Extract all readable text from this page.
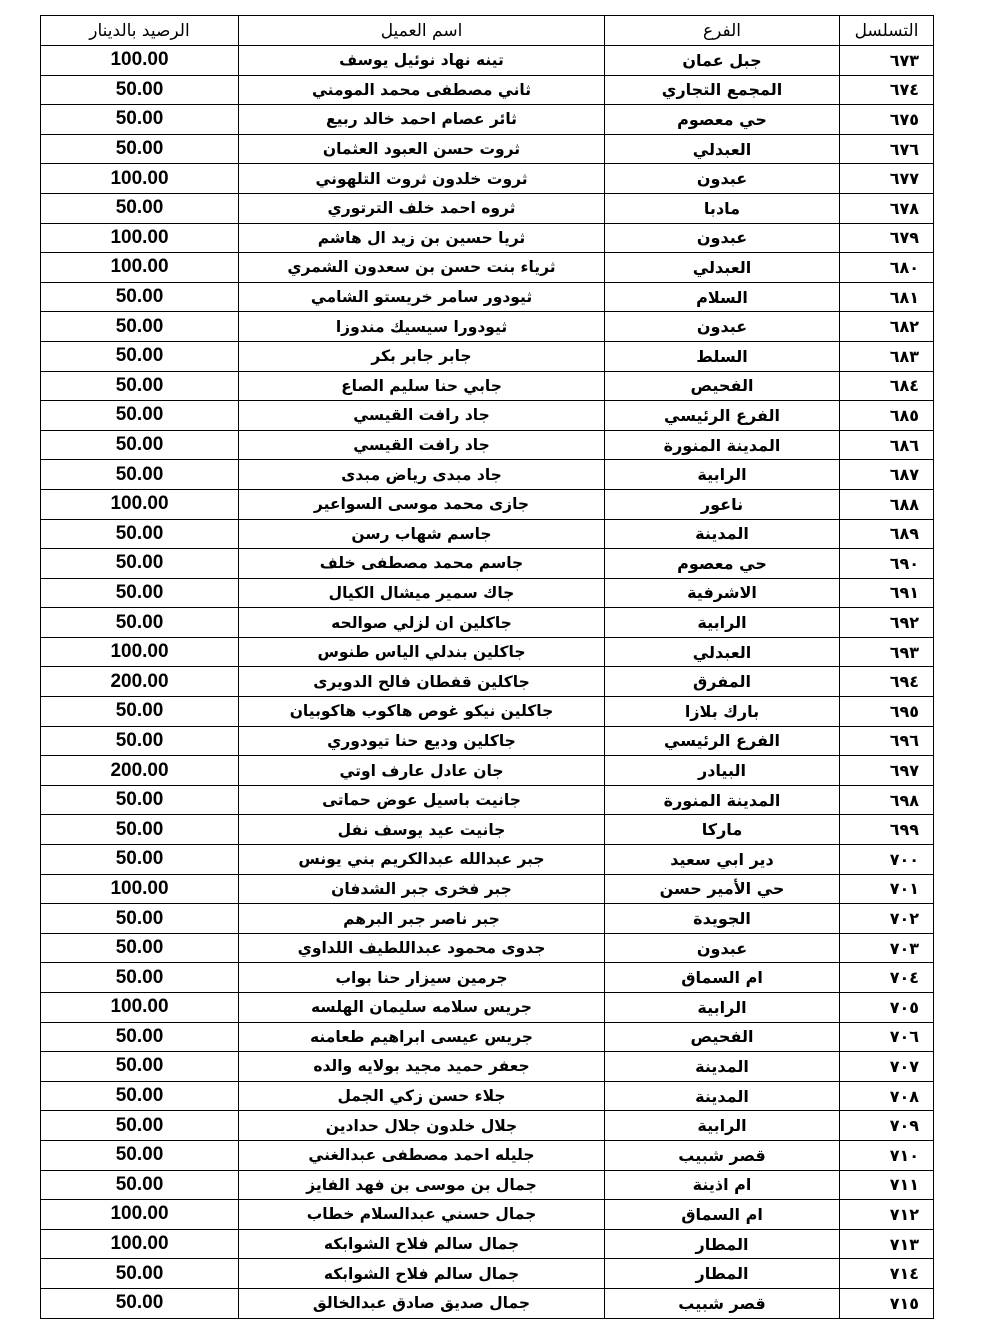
التسلسل	الفرع	اسم العميل	الرصيد بالدينار
٦٧٣	جبل عمان	تينه نهاد نوئيل يوسف	100.00
٦٧٤	المجمع التجاري	ثاني مصطفى محمد المومني	50.00
٦٧٥	حي معصوم	ثائر عصام احمد خالد ربيع	50.00
٦٧٦	العبدلي	ثروت حسن العبود العثمان	50.00
٦٧٧	عبدون	ثروت خلدون ثروت التلهوني	100.00
٦٧٨	مادبا	ثروه احمد خلف الترتوري	50.00
٦٧٩	عبدون	ثريا حسين بن زيد ال هاشم	100.00
٦٨٠	العبدلي	ثرياء بنت حسن بن سعدون الشمري	100.00
٦٨١	السلام	ثيودور سامر خريستو الشامي	50.00
٦٨٢	عبدون	ثيودورا سيسيك مندوزا	50.00
٦٨٣	السلط	جابر جابر بكر	50.00
٦٨٤	الفحيص	جابي حنا سليم الصاع	50.00
٦٨٥	الفرع الرئيسي	جاد رافت القيسي	50.00
٦٨٦	المدينة المنورة	جاد رافت القيسي	50.00
٦٨٧	الرابية	جاد مبدى رياض مبدى	50.00
٦٨٨	ناعور	جازى محمد موسى السواعير	100.00
٦٨٩	المدينة	جاسم شهاب رسن	50.00
٦٩٠	حي معصوم	جاسم محمد مصطفى خلف	50.00
٦٩١	الاشرفية	جاك سمير ميشال الكيال	50.00
٦٩٢	الرابية	جاكلين ان لزلي صوالحه	50.00
٦٩٣	العبدلي	جاكلين بندلي الياس طنوس	100.00
٦٩٤	المفرق	جاكلين قفطان فالح الدويرى	200.00
٦٩٥	بارك بلازا	جاكلين نيكو غوص هاكوب هاكوبيان	50.00
٦٩٦	الفرع الرئيسي	جاكلين وديع حنا تيودوري	50.00
٦٩٧	البيادر	جان عادل عارف اوتي	200.00
٦٩٨	المدينة المنورة	جانيت باسيل عوض حماتى	50.00
٦٩٩	ماركا	جانيت عيد يوسف نفل	50.00
٧٠٠	دير ابي سعيد	جبر عبدالله عبدالكريم بني يونس	50.00
٧٠١	حي الأمير حسن	جبر فخرى جبر الشدفان	100.00
٧٠٢	الجويدة	جبر ناصر جبر البرهم	50.00
٧٠٣	عبدون	جدوى محمود عبداللطيف اللداوي	50.00
٧٠٤	ام السماق	جرمين سيزار حنا بواب	50.00
٧٠٥	الرابية	جريس سلامه سليمان الهلسه	100.00
٧٠٦	الفحيص	جريس عيسى ابراهيم طعامنه	50.00
٧٠٧	المدينة	جعفر حميد مجيد بولايه والده	50.00
٧٠٨	المدينة	جلاء حسن زكي الجمل	50.00
٧٠٩	الرابية	جلال خلدون جلال حدادين	50.00
٧١٠	قصر شبيب	جليله احمد مصطفى عبدالغني	50.00
٧١١	ام اذينة	جمال بن موسى بن فهد الفايز	50.00
٧١٢	ام السماق	جمال حسني عبدالسلام خطاب	100.00
٧١٣	المطار	جمال سالم فلاح الشوابكه	100.00
٧١٤	المطار	جمال سالم فلاح الشوابكه	50.00
٧١٥	قصر شبيب	جمال صديق صادق عبدالخالق	50.00
